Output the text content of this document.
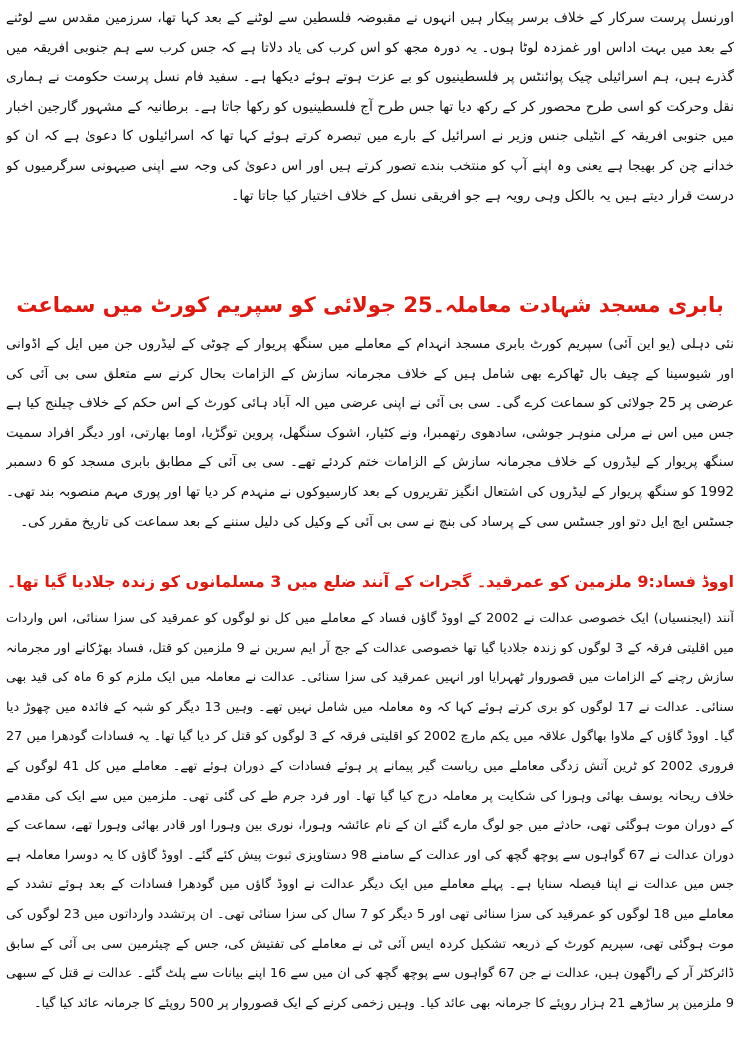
اورنسل پرست سرکار کے خلاف برسر پیکار ہیں انہوں نے مقبوضہ فلسطین سے لوٹنے کے بعد کہا تھا، سرزمین مقدس سے لوٹنے کے بعد میں بہت اداس اور غمزدہ لوٹا ہوں۔ یہ دورہ مجھ کو اس کرب کی یاد دلاتا ہے کہ جس کرب سے ہم جنوبی افریقہ میں گذرے ہیں، ہم اسرائیلی چیک پوائنٹس پر فلسطینیوں کو بے عزت ہوتے ہوئے دیکھا ہے۔ سفید فام نسل پرست حکومت نے ہماری نقل وحرکت کو اسی طرح محصور کر کے رکھ دیا تھا جس طرح آج فلسطینیوں کو رکھا جاتا ہے۔ برطانیہ کے مشہور گارجین اخبار میں جنوبی افریقہ کے انٹیلی جنس وزیر نے اسرائیل کے بارے میں تبصرہ کرتے ہوئے کہا تھا کہ اسرائیلوں کا دعویٰ ہے کہ ان کو خدانے چن کر بھیجا ہے یعنی وہ اپنے آپ کو منتخب بندے تصور کرتے ہیں اور اس دعویٰ کی وجہ سے اپنی صیہونی سرگرمیوں کو درست قرار دیتے ہیں یہ بالکل وہی رویہ ہے جو افریقی نسل کے خلاف اختیار کیا جاتا تھا۔

بابری مسجد شہادت معاملہ۔25 جولائی کو سپریم کورٹ میں سماعت

نئی دہلی (یو این آئی) سپریم کورٹ بابری مسجد انہدام کے معاملے میں سنگھ پریوار کے چوٹی کے لیڈروں جن میں ایل کے اڈوانی اور شیوسینا کے چیف بال ٹھاکرے بھی شامل ہیں کے خلاف مجرمانہ سازش کے الزامات بحال کرنے سے متعلق سی بی آئی کی عرضی پر 25 جولائی کو سماعت کرے گی۔ سی بی آئی نے اپنی عرضی میں الہ آباد ہائی کورٹ کے اس حکم کے خلاف چیلنج کیا ہے جس میں اس نے مرلی منوہر جوشی، سادھوی رتھمبرا، ونے کٹیار، اشوک سنگھل، پروین توگڑیا، اوما بھارتی، اور دیگر افراد سمیت سنگھ پریوار کے لیڈروں کے خلاف مجرمانہ سازش کے الزامات ختم کردئے تھے۔ سی بی آئی کے مطابق بابری مسجد کو 6 دسمبر 1992 کو سنگھ پریوار کے لیڈروں کی اشتعال انگیز تقریروں کے بعد کارسیوکوں نے منہدم کر دیا تھا اور پوری مہم منصوبہ بند تھی۔ جسٹس ایچ ایل دتو اور جسٹس سی کے پرساد کی بنچ نے سی بی آئی کے وکیل کی دلیل سننے کے بعد سماعت کی تاریخ مقرر کی۔

اووڈ فساد:9 ملزمین کو عمرقید۔ گجرات کے آنند ضلع میں 3 مسلمانوں کو زندہ جلادیا گیا تھا۔

آنند (ایجنسیاں) ایک خصوصی عدالت نے 2002 کے اووڈ گاؤں فساد کے معاملے میں کل نو لوگوں کو عمرقید کی سزا سنائی، اس واردات میں اقلیتی فرقہ کے 3 لوگوں کو زندہ جلادیا گیا تھا خصوصی عدالت کے جج آر ایم سرین نے 9 ملزمین کو قتل، فساد بھڑکانے اور مجرمانہ سازش رچنے کے الزامات میں قصوروار ٹھہرایا اور انہیں عمرقید کی سزا سنائی۔ عدالت نے معاملہ میں ایک ملزم کو 6 ماہ کی قید بھی سنائی۔ عدالت نے 17 لوگوں کو بری کرتے ہوئے کہا کہ وہ معاملہ میں شامل نہیں تھے۔ وہیں 13 دیگر کو شبہ کے فائدہ میں چھوڑ دیا گیا۔ اووڈ گاؤں کے ملاوا بھاگول علاقہ میں یکم مارچ 2002 کو اقلیتی فرقہ کے 3 لوگوں کو قتل کر دیا گیا تھا۔ یہ فسادات گودھرا میں 27 فروری 2002 کو ٹرین آتش زدگی معاملے میں ریاست گیر پیمانے پر ہوئے فسادات کے دوران ہوئے تھے۔ معاملے میں کل 41 لوگوں کے خلاف ریحانہ یوسف بھائی وہورا کی شکایت پر معاملہ درج کیا گیا تھا۔ اور فرد جرم طے کی گئی تھی۔ ملزمین میں سے ایک کی مقدمے کے دوران موت ہوگئی تھی، حادثے میں جو لوگ مارے گئے ان کے نام عائشہ وہورا، نوری بین وہورا اور قادر بھائی وہورا تھے، سماعت کے دوران عدالت نے 67 گواہوں سے پوچھ گچھ کی اور عدالت کے سامنے 98 دستاویزی ثبوت پیش کئے گئے۔ اووڈ گاؤں کا یہ دوسرا معاملہ ہے جس میں عدالت نے اپنا فیصلہ سنایا ہے۔ پہلے معاملے میں ایک دیگر عدالت نے اووڈ گاؤں میں گودھرا فسادات کے بعد ہوئے تشدد کے معاملے میں 18 لوگوں کو عمرقید کی سزا سنائی تھی اور 5 دیگر کو 7 سال کی سزا سنائی تھی۔ ان پرتشدد وارداتوں میں 23 لوگوں کی موت ہوگئی تھی، سپریم کورٹ کے ذریعہ تشکیل کردہ ایس آئی ٹی نے معاملے کی تفتیش کی، جس کے چیئرمین سی بی آئی کے سابق ڈائرکٹر آر کے راگھون ہیں، عدالت نے جن 67 گواہوں سے پوچھ گچھ کی ان میں سے 16 اپنے بیانات سے پلٹ گئے۔ عدالت نے قتل کے سبھی 9 ملزمین پر ساڑھے 21 ہزار روپئے کا جرمانہ بھی عائد کیا۔ وہیں زخمی کرنے کے ایک قصوروار پر 500 روپئے کا جرمانہ عائد کیا گیا۔
